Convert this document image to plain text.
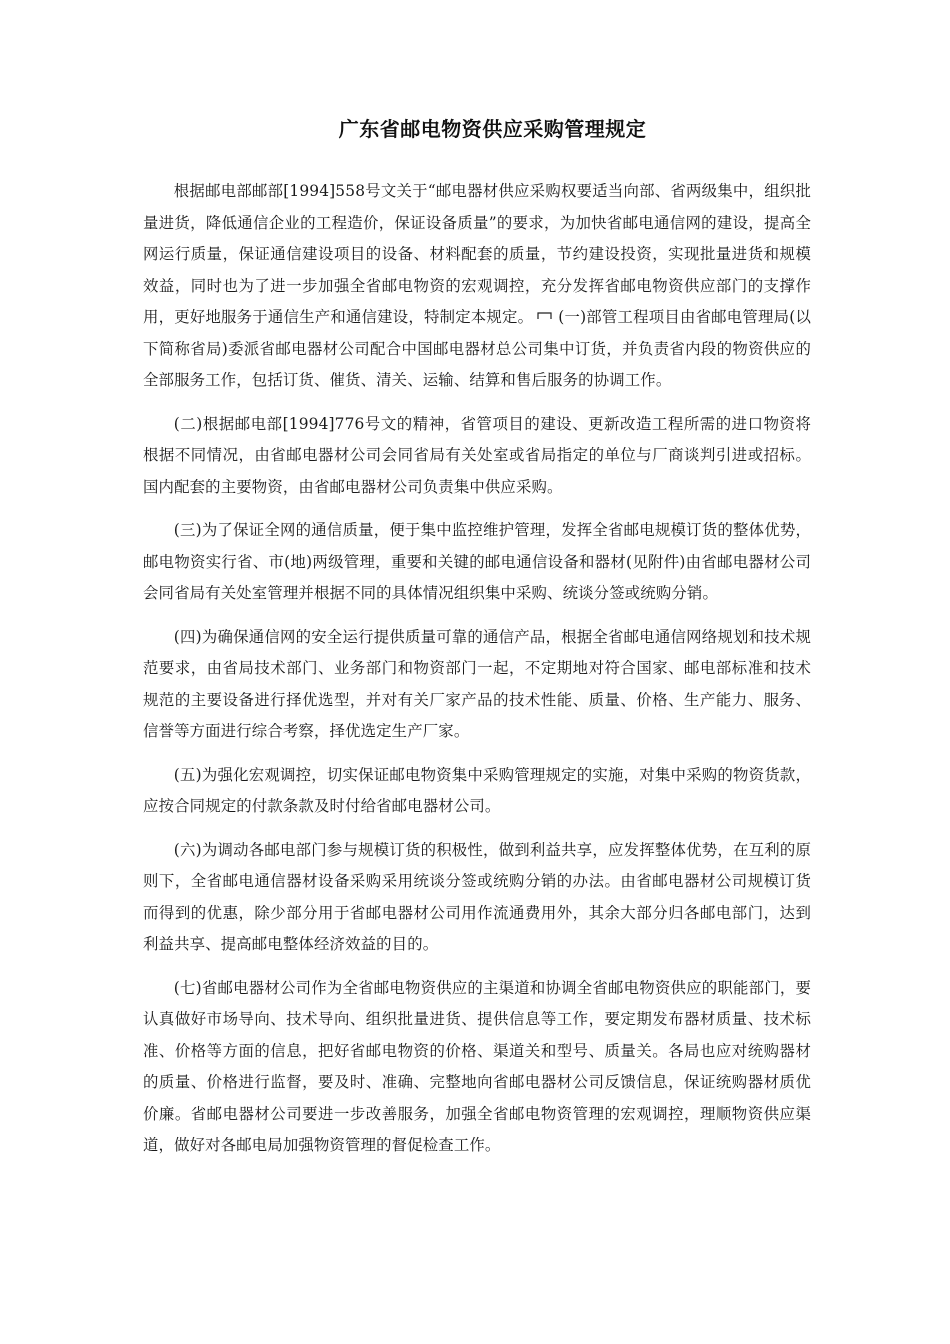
广东省邮电物资供应采购管理规定

根据邮电部邮部[1994]558号文关于“邮电器材供应采购权要适当向部、省两级集中，组织批量进货，降低通信企业的工程造价，保证设备质量”的要求，为加快省邮电通信网的建设，提高全网运行质量，保证通信建设项目的设备、材料配套的质量，节约建设投资，实现批量进货和规模效益，同时也为了进一步加强全省邮电物资的宏观调控，充分发挥省邮电物资供应部门的支撑作用，更好地服务于通信生产和通信建设，特制定本规定。 (一)部管工程项目由省邮电管理局(以下简称省局)委派省邮电器材公司配合中国邮电器材总公司集中订货，并负责省内段的物资供应的全部服务工作，包括订货、催货、清关、运输、结算和售后服务的协调工作。

(二)根据邮电部[1994]776号文的精神，省管项目的建设、更新改造工程所需的进口物资将根据不同情况，由省邮电器材公司会同省局有关处室或省局指定的单位与厂商谈判引进或招标。国内配套的主要物资，由省邮电器材公司负责集中供应采购。

(三)为了保证全网的通信质量，便于集中监控维护管理，发挥全省邮电规模订货的整体优势，邮电物资实行省、市(地)两级管理，重要和关键的邮电通信设备和器材(见附件)由省邮电器材公司会同省局有关处室管理并根据不同的具体情况组织集中采购、统谈分签或统购分销。

(四)为确保通信网的安全运行提供质量可靠的通信产品，根据全省邮电通信网络规划和技术规范要求，由省局技术部门、业务部门和物资部门一起，不定期地对符合国家、邮电部标准和技术规范的主要设备进行择优选型，并对有关厂家产品的技术性能、质量、价格、生产能力、服务、信誉等方面进行综合考察，择优选定生产厂家。

(五)为强化宏观调控，切实保证邮电物资集中采购管理规定的实施，对集中采购的物资货款，应按合同规定的付款条款及时付给省邮电器材公司。

(六)为调动各邮电部门参与规模订货的积极性，做到利益共享，应发挥整体优势，在互利的原则下，全省邮电通信器材设备采购采用统谈分签或统购分销的办法。由省邮电器材公司规模订货而得到的优惠，除少部分用于省邮电器材公司用作流通费用外，其余大部分归各邮电部门，达到利益共享、提高邮电整体经济效益的目的。

(七)省邮电器材公司作为全省邮电物资供应的主渠道和协调全省邮电物资供应的职能部门，要认真做好市场导向、技术导向、组织批量进货、提供信息等工作，要定期发布器材质量、技术标准、价格等方面的信息，把好省邮电物资的价格、渠道关和型号、质量关。各局也应对统购器材的质量、价格进行监督，要及时、准确、完整地向省邮电器材公司反馈信息，保证统购器材质优价廉。省邮电器材公司要进一步改善服务，加强全省邮电物资管理的宏观调控，理顺物资供应渠道，做好对各邮电局加强物资管理的督促检查工作。
